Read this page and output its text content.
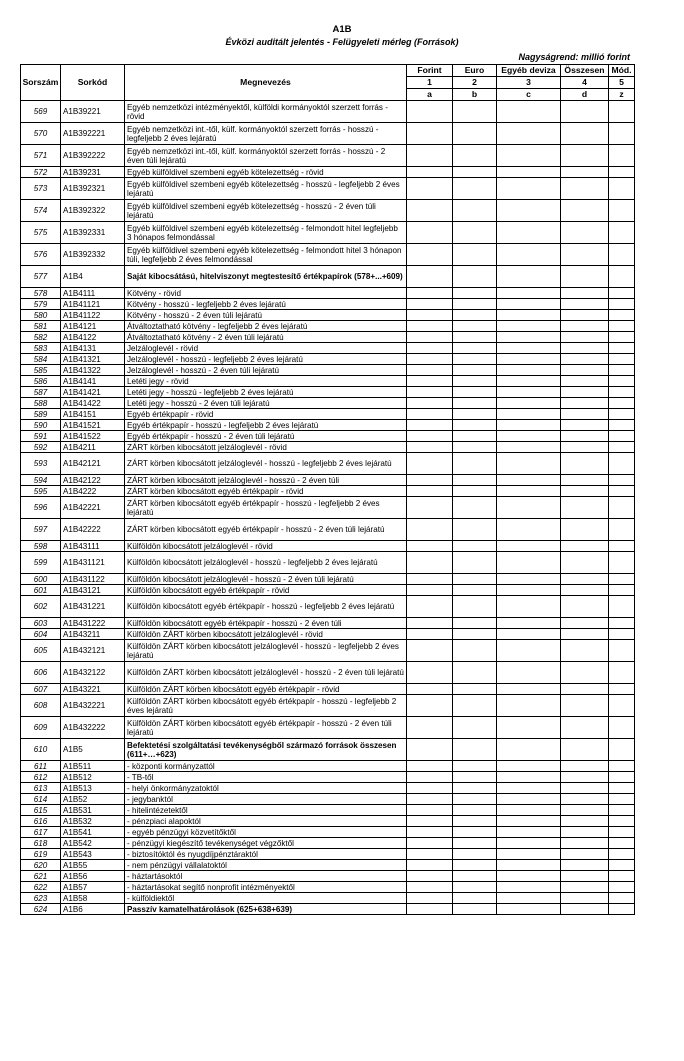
A1B
Évközi auditált jelentés - Felügyeleti mérleg (Források)
Nagyságrend: millió forint
Sorszám	Sorkód	Megnevezés	Forint	Euro	Egyéb deviza	Összesen	Mód.
			1	2	3	4	5
			a	b	c	d	z
569	A1B39221	Egyéb nemzetközi intézményektől, külföldi kormányoktól szerzett forrás - rövid					
570	A1B392221	Egyéb nemzetközi int.-től, külf. kormányoktól szerzett forrás - hosszú - legfeljebb 2 éves lejáratú					
571	A1B392222	Egyéb nemzetközi int.-től, külf. kormányoktól szerzett forrás - hosszú - 2 éven túli lejáratú					
572	A1B39231	Egyéb külföldivel szembeni egyéb kötelezettség - rövid					
573	A1B392321	Egyéb külföldivel szembeni egyéb kötelezettség - hosszú - legfeljebb 2 éves lejáratú					
574	A1B392322	Egyéb külföldivel szembeni egyéb kötelezettség - hosszú - 2 éven túli lejáratú					
575	A1B392331	Egyéb külföldivel szembeni egyéb kötelezettség - felmondott hitel legfeljebb 3 hónapos felmondással					
576	A1B392332	Egyéb külföldivel szembeni egyéb kötelezettség - felmondott hitel 3 hónapon túli, legfeljebb 2 éves felmondással					
577	A1B4	Saját kibocsátású, hitelviszonyt megtestesítő értékpapírok (578+...+609)					
578	A1B4111	Kötvény - rövid					
579	A1B41121	Kötvény - hosszú - legfeljebb 2 éves lejáratú					
580	A1B41122	Kötvény - hosszú - 2 éven túli lejáratú					
581	A1B4121	Átváltoztatható kötvény - legfeljebb 2 éves lejáratú					
582	A1B4122	Átváltoztatható kötvény - 2 éven túli lejáratú					
583	A1B4131	Jelzáloglevél - rövid					
584	A1B41321	Jelzáloglevél - hosszú - legfeljebb 2 éves lejáratú					
585	A1B41322	Jelzáloglevél - hosszú - 2 éven túli lejáratú					
586	A1B4141	Letéti jegy - rövid					
587	A1B41421	Letéti jegy - hosszú - legfeljebb 2 éves lejáratú					
588	A1B41422	Letéti jegy - hosszú - 2 éven túli lejáratú					
589	A1B4151	Egyéb értékpapír - rövid					
590	A1B41521	Egyéb értékpapír - hosszú - legfeljebb 2 éves lejáratú					
591	A1B41522	Egyéb értékpapír - hosszú - 2 éven túli lejáratú					
592	A1B4211	ZÁRT körben kibocsátott jelzáloglevél - rövid					
593	A1B42121	ZÁRT körben kibocsátott jelzáloglevél - hosszú - legfeljebb 2 éves lejáratú					
594	A1B42122	ZÁRT körben kibocsátott jelzáloglevél - hosszú - 2 éven túli					
595	A1B4222	ZÁRT körben kibocsátott egyéb értékpapír - rövid					
596	A1B42221	ZÁRT körben kibocsátott egyéb értékpapír - hosszú - legfeljebb 2 éves lejáratú					
597	A1B42222	ZÁRT körben kibocsátott egyéb értékpapír - hosszú - 2 éven túli lejáratú					
598	A1B43111	Külföldön kibocsátott jelzáloglevél - rövid					
599	A1B431121	Külföldön kibocsátott jelzáloglevél - hosszú - legfeljebb 2 éves lejáratú					
600	A1B431122	Külföldön kibocsátott jelzáloglevél - hosszú - 2 éven túli lejáratú					
601	A1B43121	Külföldön kibocsátott egyéb értékpapír - rövid					
602	A1B431221	Külföldön kibocsátott egyéb értékpapír - hosszú - legfeljebb 2 éves lejáratú					
603	A1B431222	Külföldön kibocsátott egyéb értékpapír - hosszú - 2 éven túli					
604	A1B43211	Külföldön ZÁRT körben kibocsátott jelzáloglevél - rövid					
605	A1B432121	Külföldön ZÁRT körben kibocsátott jelzáloglevél - hosszú - legfeljebb 2 éves lejáratú					
606	A1B432122	Külföldön ZÁRT körben kibocsátott jelzáloglevél - hosszú - 2 éven túli lejáratú					
607	A1B43221	Külföldön ZÁRT körben kibocsátott egyéb értékpapír - rövid					
608	A1B432221	Külföldön ZÁRT körben kibocsátott egyéb értékpapír - hosszú - legfeljebb 2 éves lejáratú					
609	A1B432222	Külföldön ZÁRT körben kibocsátott egyéb értékpapír - hosszú - 2 éven túli lejáratú					
610	A1B5	Befektetési szolgáltatási tevékenységből származó források összesen (611+…+623)					
611	A1B511	- központi kormányzattól					
612	A1B512	- TB-től					
613	A1B513	- helyi önkormányzatoktól					
614	A1B52	- jegybanktól					
615	A1B531	- hitelintézetektől					
616	A1B532	- pénzpiaci alapoktól					
617	A1B541	- egyéb pénzügyi közvetítőktől					
618	A1B542	- pénzügyi kiegészítő tevékenységet végzőktől					
619	A1B543	- biztosítóktól és nyugdíjpénztáraktól					
620	A1B55	- nem pénzügyi vállalatoktól					
621	A1B56	- háztartásoktól					
622	A1B57	- háztartásokat segítő nonprofit intézményektől					
623	A1B58	- külföldiektől					
624	A1B6	Passzív kamatelhatárolások (625+638+639)					
